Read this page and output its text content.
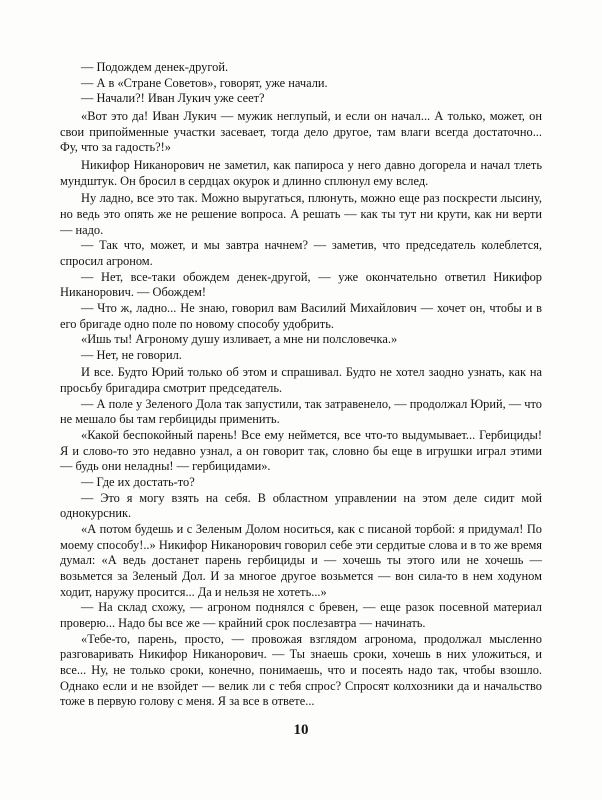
— Подождем денек-другой.

— А в «Стране Советов», говорят, уже начали.

— Начали?! Иван Лукич уже сеет?

«Вот это да! Иван Лукич — мужик неглупый, и если он начал... А только, может, он свои припойменные участки засевает, тогда дело другое, там влаги всегда достаточно... Фу, что за гадость?!»

Никифор Никанорович не заметил, как папироса у него давно догорела и начал тлеть мундштук. Он бросил в сердцах окурок и длинно сплюнул ему вслед.

Ну ладно, все это так. Можно выругаться, плюнуть, можно еще раз поскрести лысину, но ведь это опять же не решение вопроса. А решать — как ты тут ни крути, как ни верти — надо.

— Так что, может, и мы завтра начнем? — заметив, что председатель колеблется, спросил агроном.

— Нет, все-таки обождем денек-другой, — уже окончательно ответил Никифор Никанорович. — Обождем!

— Что ж, ладно... Не знаю, говорил вам Василий Михайлович — хочет он, чтобы и в его бригаде одно поле по новому способу удобрить.

«Ишь ты! Агроному душу изливает, а мне ни полсловечка.»

— Нет, не говорил.

И все. Будто Юрий только об этом и спрашивал. Будто не хотел заодно узнать, как на просьбу бригадира смотрит председатель.

— А поле у Зеленого Дола так запустили, так затравенело, — продолжал Юрий, — что не мешало бы там гербициды применить.

«Какой беспокойный парень! Все ему неймется, все что-то выдумывает... Гербициды! Я и слово-то это недавно узнал, а он говорит так, словно бы еще в игрушки играл этими — будь они неладны! — гербицидами».

— Где их достать-то?

— Это я могу взять на себя. В областном управлении на этом деле сидит мой однокурсник.

«А потом будешь и с Зеленым Долом носиться, как с писаной торбой: я придумал! По моему способу!..» Никифор Никанорович говорил себе эти сердитые слова и в то же время думал: «А ведь достанет парень гербициды и — хочешь ты этого или не хочешь — возьмется за Зеленый Дол. И за многое другое возьмется — вон сила-то в нем ходуном ходит, наружу просится... Да и нельзя не хотеть...»

— На склад схожу, — агроном поднялся с бревен, — еще разок посевной материал проверю... Надо бы все же — крайний срок послезавтра — начинать.

«Тебе-то, парень, просто, — провожая взглядом агронома, продолжал мысленно разговаривать Никифор Никанорович. — Ты знаешь сроки, хочешь в них уложиться, и все... Ну, не только сроки, конечно, понимаешь, что и посеять надо так, чтобы взошло. Однако если и не взойдет — велик ли с тебя спрос? Спросят колхозники да и начальство тоже в первую голову с меня. Я за все в ответе...

10
